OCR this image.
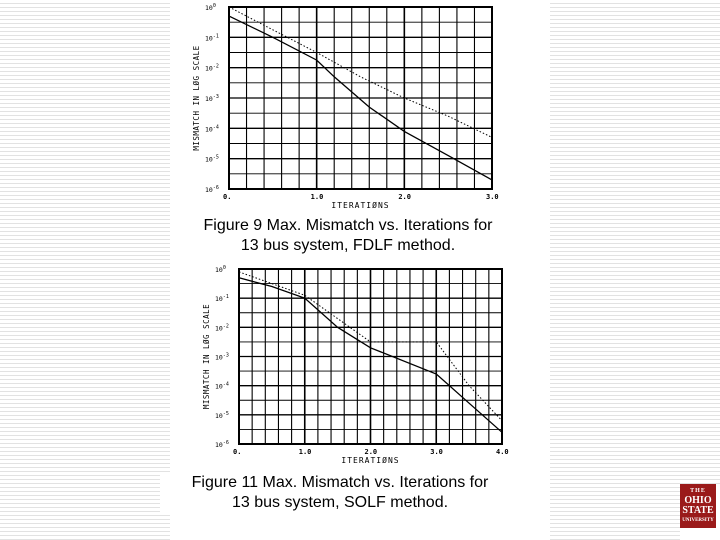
$10^0$
$10^{-1}$
$10^{-2}$
$10^{-3}$
$10^{-4}$
$10^{-5}$
$10^{-6}$
0.	1.0	2.0	3.0
ITERATIØNS
MISMATCH IN LØG SCALE
Figure 9 Max. Mismatch vs. Iterations for
13 bus system, FDLF method.
$10^0$
$10^{-1}$
$10^{-2}$
$10^{-3}$
$10^{-4}$
$10^{-5}$
$10^{-6}$
0.	1.0	2.0	3.0	4.0
ITERATIØNS
MISMATCH IN LØG SCALE
Figure 11 Max. Mismatch vs. Iterations for
13 bus system, SOLF method.
THE
OHIO
STATE
UNIVERSITY
